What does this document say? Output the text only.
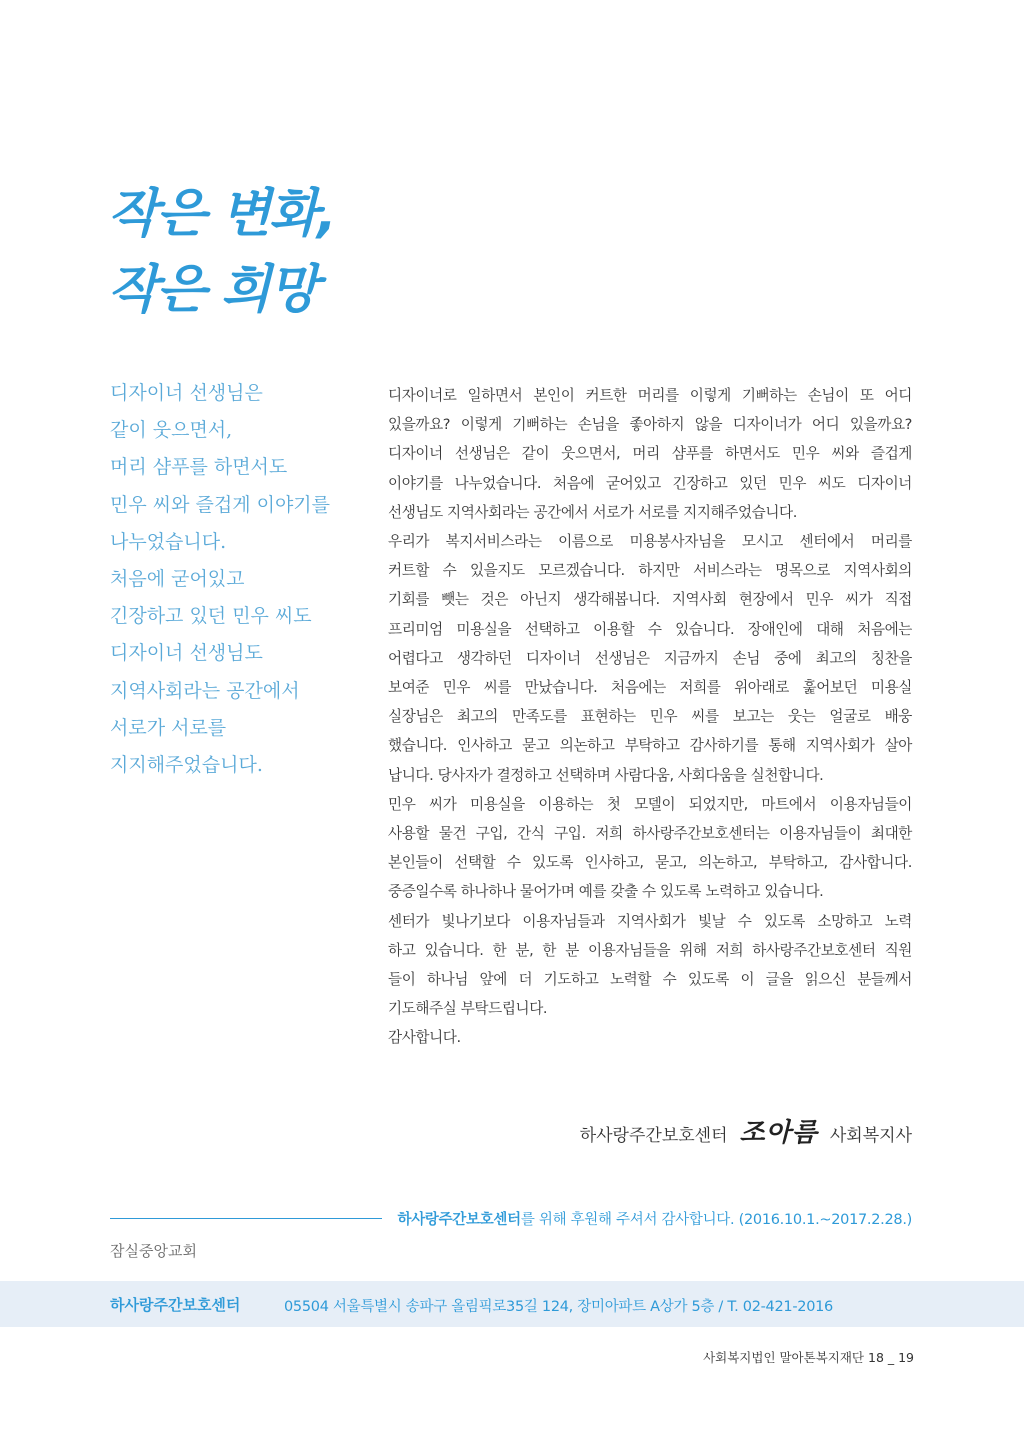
작은 변화,
작은 희망
디자이너 선생님은
같이 웃으면서,
머리 샴푸를 하면서도
민우 씨와 즐겁게 이야기를
나누었습니다.
처음에 굳어있고
긴장하고 있던 민우 씨도
디자이너 선생님도
지역사회라는 공간에서
서로가 서로를
지지해주었습니다.
디자이너로 일하면서 본인이 커트한 머리를 이렇게 기뻐하는 손님이 또 어디
있을까요? 이렇게 기뻐하는 손님을 좋아하지 않을 디자이너가 어디 있을까요?
디자이너 선생님은 같이 웃으면서, 머리 샴푸를 하면서도 민우 씨와 즐겁게
이야기를 나누었습니다. 처음에 굳어있고 긴장하고 있던 민우 씨도 디자이너
선생님도 지역사회라는 공간에서 서로가 서로를 지지해주었습니다.
우리가 복지서비스라는 이름으로 미용봉사자님을 모시고 센터에서 머리를
커트할 수 있을지도 모르겠습니다. 하지만 서비스라는 명목으로 지역사회의
기회를 뺏는 것은 아닌지 생각해봅니다. 지역사회 현장에서 민우 씨가 직접
프리미엄 미용실을 선택하고 이용할 수 있습니다. 장애인에 대해 처음에는
어렵다고 생각하던 디자이너 선생님은 지금까지 손님 중에 최고의 칭찬을
보여준 민우 씨를 만났습니다. 처음에는 저희를 위아래로 훑어보던 미용실
실장님은 최고의 만족도를 표현하는 민우 씨를 보고는 웃는 얼굴로 배웅
했습니다. 인사하고 묻고 의논하고 부탁하고 감사하기를 통해 지역사회가 살아
납니다. 당사자가 결정하고 선택하며 사람다움, 사회다움을 실천합니다.
민우 씨가 미용실을 이용하는 첫 모델이 되었지만, 마트에서 이용자님들이
사용할 물건 구입, 간식 구입. 저희 하사랑주간보호센터는 이용자님들이 최대한
본인들이 선택할 수 있도록 인사하고, 묻고, 의논하고, 부탁하고, 감사합니다.
중증일수록 하나하나 물어가며 예를 갖출 수 있도록 노력하고 있습니다.
센터가 빛나기보다 이용자님들과 지역사회가 빛날 수 있도록 소망하고 노력
하고 있습니다. 한 분, 한 분 이용자님들을 위해 저희 하사랑주간보호센터 직원
들이 하나님 앞에 더 기도하고 노력할 수 있도록 이 글을 읽으신 분들께서
기도해주실 부탁드립니다.
감사합니다.
하사랑주간보호센터 조아름 사회복지사
하사랑주간보호센터를 위해 후원해 주셔서 감사합니다. (2016.10.1.~2017.2.28.)
잠실중앙교회
하사랑주간보호센터	05504 서울특별시 송파구 올림픽로35길 124, 장미아파트 A상가 5층 / T. 02-421-2016
사회복지법인 말아톤복지재단 18 _ 19
